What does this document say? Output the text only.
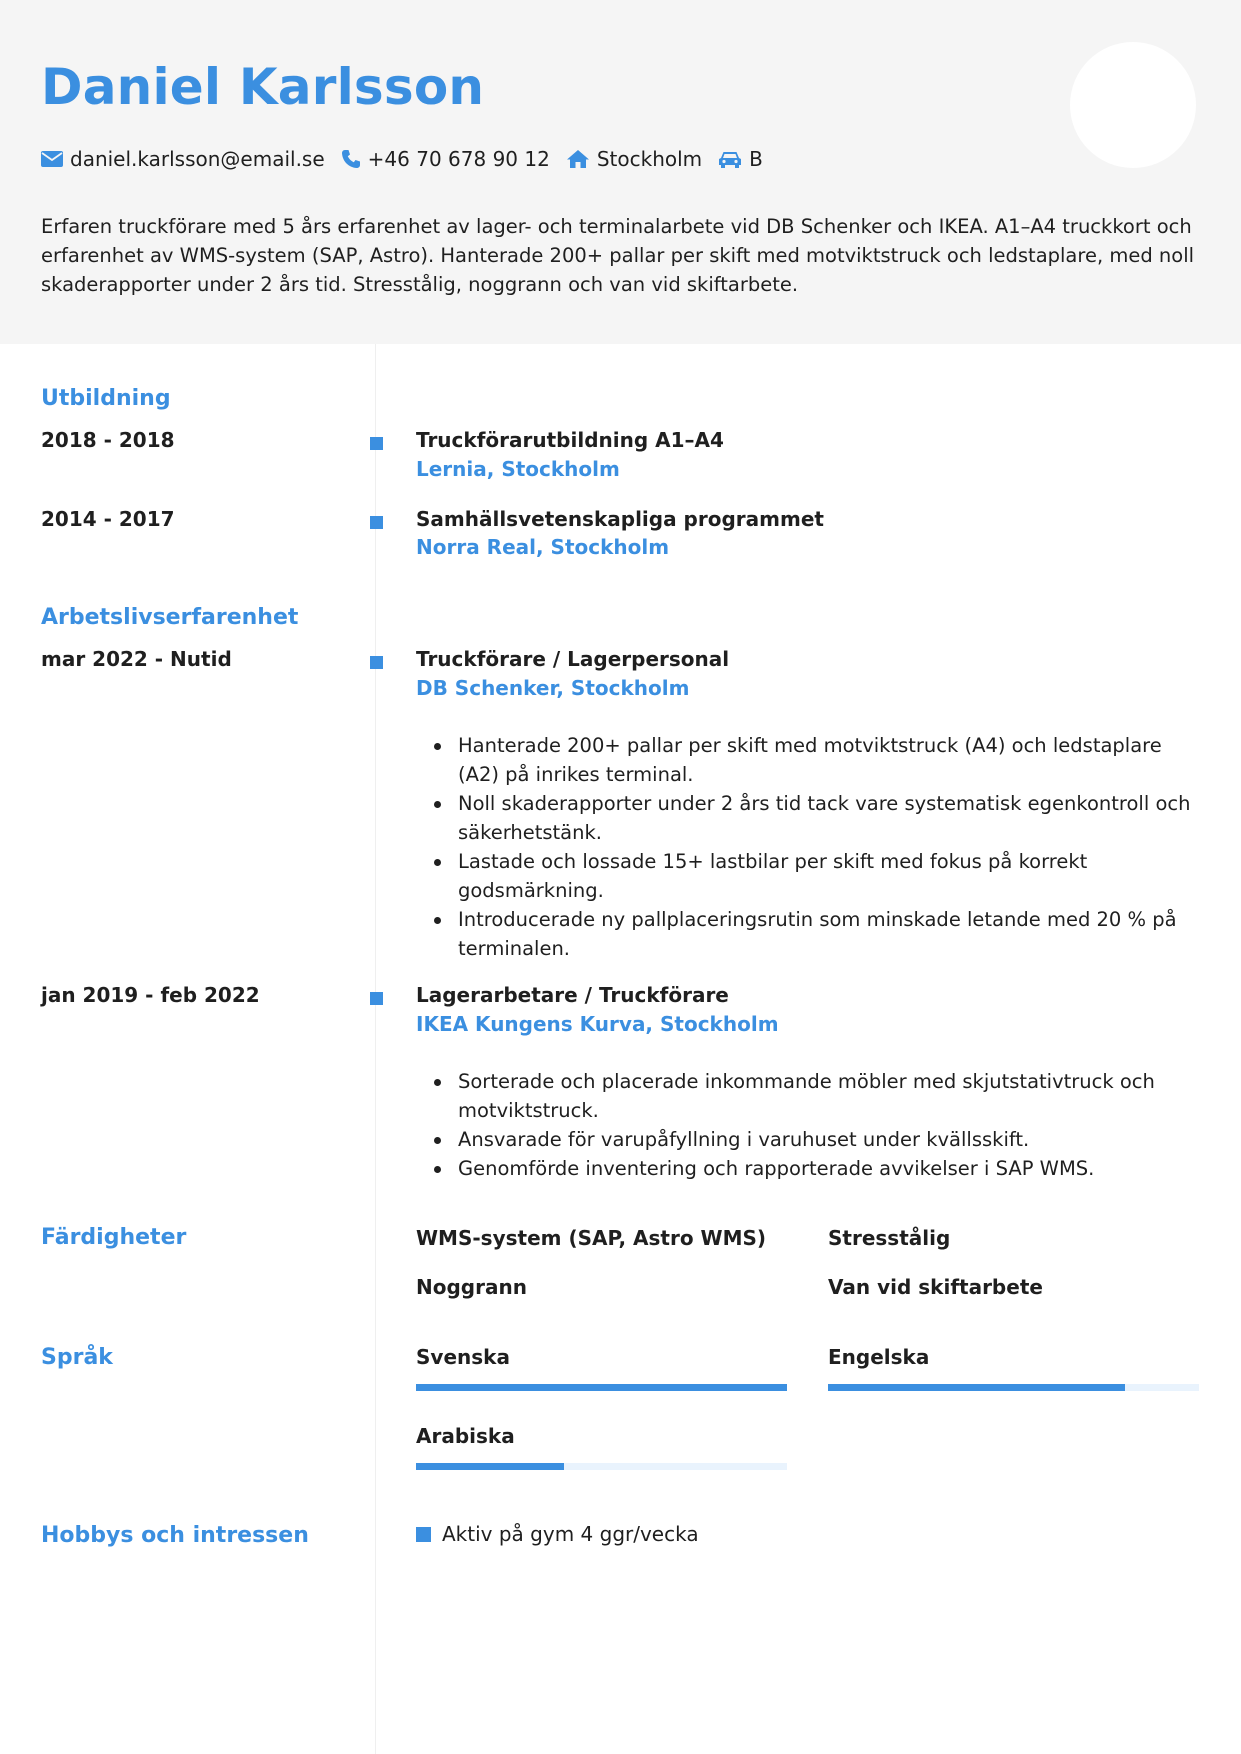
Daniel Karlsson
daniel.karlsson@email.se +46 70 678 90 12 Stockholm B

Erfaren truckförare med 5 års erfarenhet av lager- och terminalarbete vid DB Schenker och IKEA. A1–A4 truckkort och erfarenhet av WMS-system (SAP, Astro). Hanterade 200+ pallar per skift med motviktstruck och ledstaplare, med noll skaderapporter under 2 års tid. Stresstålig, noggrann och van vid skiftarbete.

Utbildning
2018 - 2018	Truckförarutbildning A1–A4
Lernia, Stockholm
2014 - 2017	Samhällsvetenskapliga programmet
Norra Real, Stockholm
Arbetslivserfarenhet
mar 2022 - Nutid	Truckförare / Lagerpersonal
DB Schenker, Stockholm
Hanterade 200+ pallar per skift med motviktstruck (A4) och ledstaplare (A2) på inrikes terminal.
Noll skaderapporter under 2 års tid tack vare systematisk egenkontroll och säkerhetstänk.
Lastade och lossade 15+ lastbilar per skift med fokus på korrekt godsmärkning.
Introducerade ny pallplaceringsrutin som minskade letande med 20 % på terminalen.
jan 2019 - feb 2022	Lagerarbetare / Truckförare
IKEA Kungens Kurva, Stockholm
Sorterade och placerade inkommande möbler med skjutstativtruck och motviktstruck.
Ansvarade för varupåfyllning i varuhuset under kvällsskift.
Genomförde inventering och rapporterade avvikelser i SAP WMS.
Färdigheter	WMS-system (SAP, Astro WMS)	Stresstålig
Noggrann	Van vid skiftarbete
Språk	Svenska	Engelska
Arabiska
Hobbys och intressen	Aktiv på gym 4 ggr/vecka
